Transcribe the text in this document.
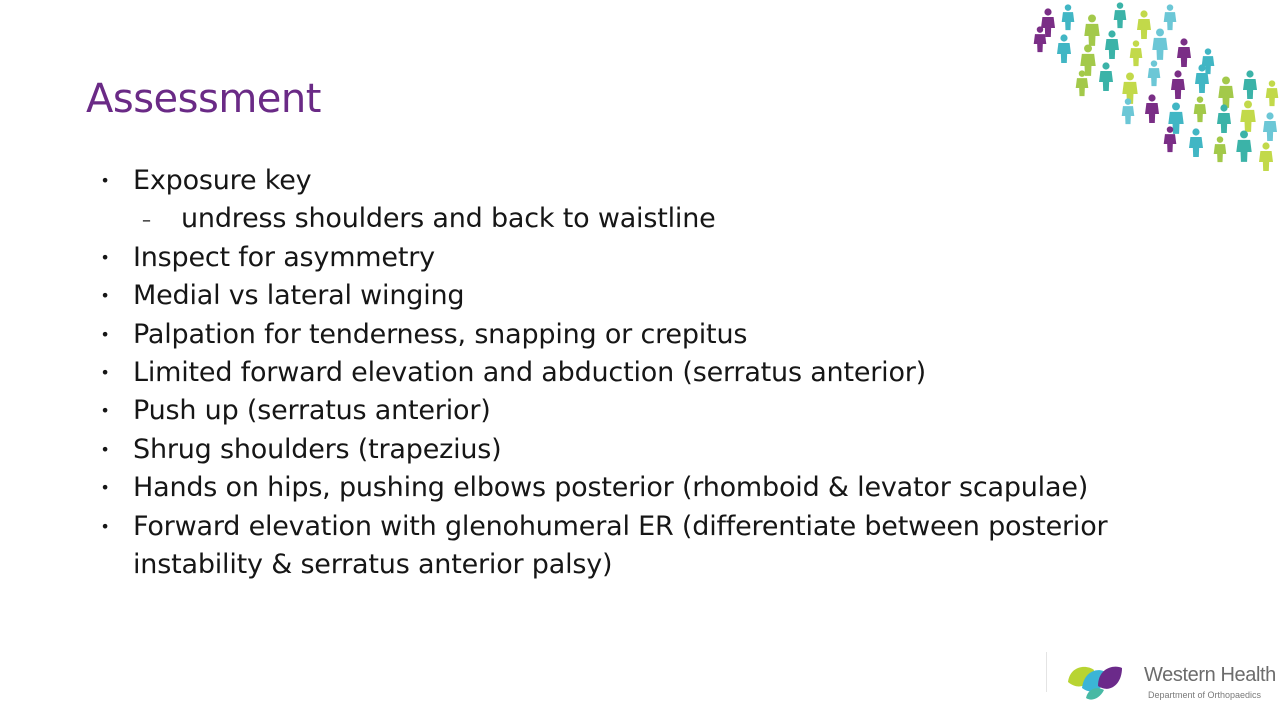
Assessment
• Exposure key
– undress shoulders and back to waistline
• Inspect for asymmetry
• Medial vs lateral winging
• Palpation for tenderness, snapping or crepitus
• Limited forward elevation and abduction (serratus anterior)
• Push up (serratus anterior)
• Shrug shoulders (trapezius)
• Hands on hips, pushing elbows posterior (rhomboid & levator scapulae)
• Forward elevation with glenohumeral ER (differentiate between posterior instability & serratus anterior palsy)
Western Health
Department of Orthopaedics
